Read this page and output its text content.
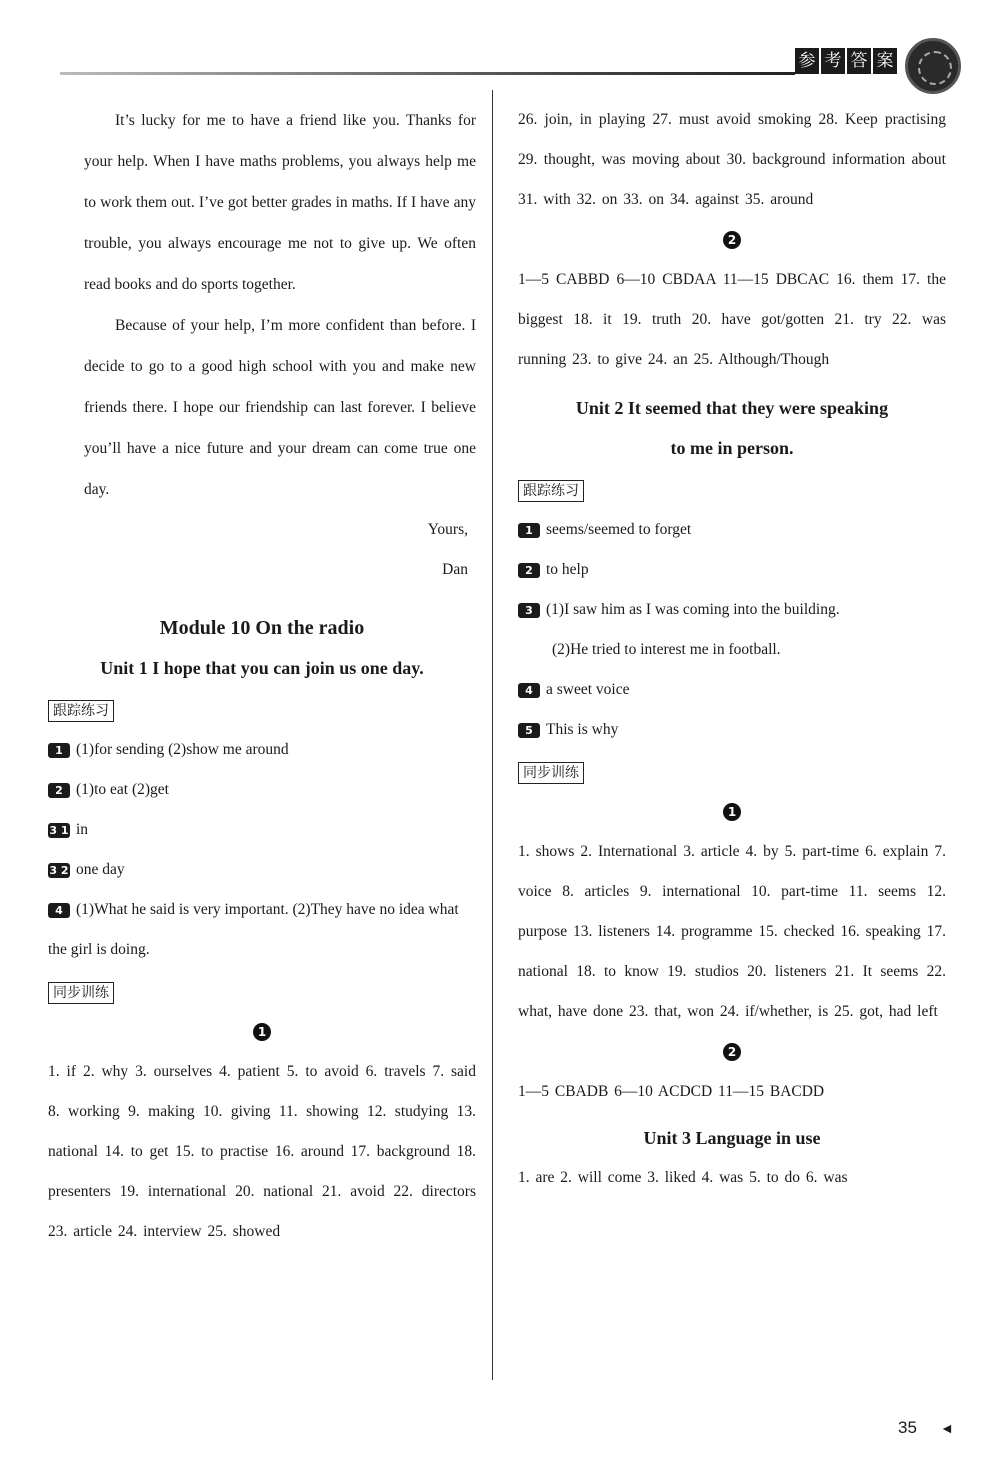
参 考 答 案

It’s lucky for me to have a friend like you. Thanks for your help. When I have maths problems, you always help me to work them out. I’ve got better grades in maths. If I have any trouble, you always encourage me not to give up. We often read books and do sports together.

Because of your help, I’m more confident than before. I decide to go to a good high school with you and make new friends there. I hope our friendship can last forever. I believe you’ll have a nice future and your dream can come true one day.

Yours,
Dan
Module 10 On the radio
Unit 1 I hope that you can join us one day.
跟踪练习
1 (1)for sending (2)show me around
2 (1)to eat (2)get
3 1 in
3 2 one day
4 (1)What he said is very important. (2)They have no idea what the girl is doing.
同步训练
1
1. if 2. why 3. ourselves 4. patient 5. to avoid 6. travels 7. said 8. working 9. making 10. giving 11. showing 12. studying 13. national 14. to get 15. to practise 16. around 17. background 18. presenters 19. international 20. national 21. avoid 22. directors 23. article 24. interview 25. showed
26. join, in playing 27. must avoid smoking 28. Keep practising 29. thought, was moving about 30. background information about 31. with 32. on 33. on 34. against 35. around
2
1—5 CABBD 6—10 CBDAA 11—15 DBCAC 16. them 17. the biggest 18. it 19. truth 20. have got/gotten 21. try 22. was running 23. to give 24. an 25. Although/Though
Unit 2 It seemed that they were speaking
to me in person.
跟踪练习
1 seems/seemed to forget
2 to help
3 (1)I saw him as I was coming into the building.
(2)He tried to interest me in football.
4 a sweet voice
5 This is why
同步训练
1
1. shows 2. International 3. article 4. by 5. part-time 6. explain 7. voice 8. articles 9. international 10. part-time 11. seems 12. purpose 13. listeners 14. programme 15. checked 16. speaking 17. national 18. to know 19. studios 20. listeners 21. It seems 22. what, have done 23. that, won 24. if/whether, is 25. got, had left
2
1—5 CBADB 6—10 ACDCD 11—15 BACDD
Unit 3 Language in use
1. are 2. will come 3. liked 4. was 5. to do 6. was
35 ◄
